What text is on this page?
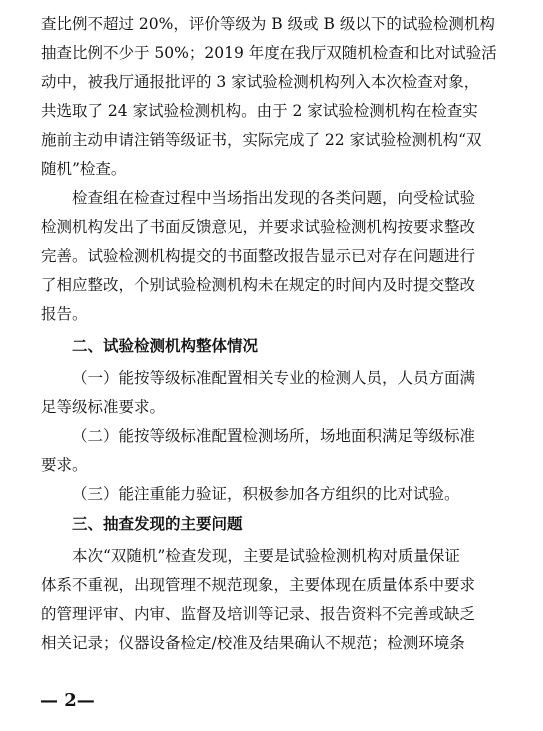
查比例不超过 20%，评价等级为 B 级或 B 级以下的试验检测机构
抽查比例不少于 50%；2019 年度在我厅双随机检查和比对试验活
动中，被我厅通报批评的 3 家试验检测机构列入本次检查对象，
共选取了 24 家试验检测机构。由于 2 家试验检测机构在检查实
施前主动申请注销等级证书，实际完成了 22 家试验检测机构“双
随机”检查。
检查组在检查过程中当场指出发现的各类问题，向受检试验
检测机构发出了书面反馈意见，并要求试验检测机构按要求整改
完善。试验检测机构提交的书面整改报告显示已对存在问题进行
了相应整改，个别试验检测机构未在规定的时间内及时提交整改
报告。
二、试验检测机构整体情况
（一）能按等级标准配置相关专业的检测人员，人员方面满
足等级标准要求。
（二）能按等级标准配置检测场所，场地面积满足等级标准
要求。
（三）能注重能力验证，积极参加各方组织的比对试验。
三、抽查发现的主要问题
本次“双随机”检查发现，主要是试验检测机构对质量保证
体系不重视，出现管理不规范现象，主要体现在质量体系中要求
的管理评审、内审、监督及培训等记录、报告资料不完善或缺乏
相关记录；仪器设备检定/校准及结果确认不规范；检测环境条
— 2—
